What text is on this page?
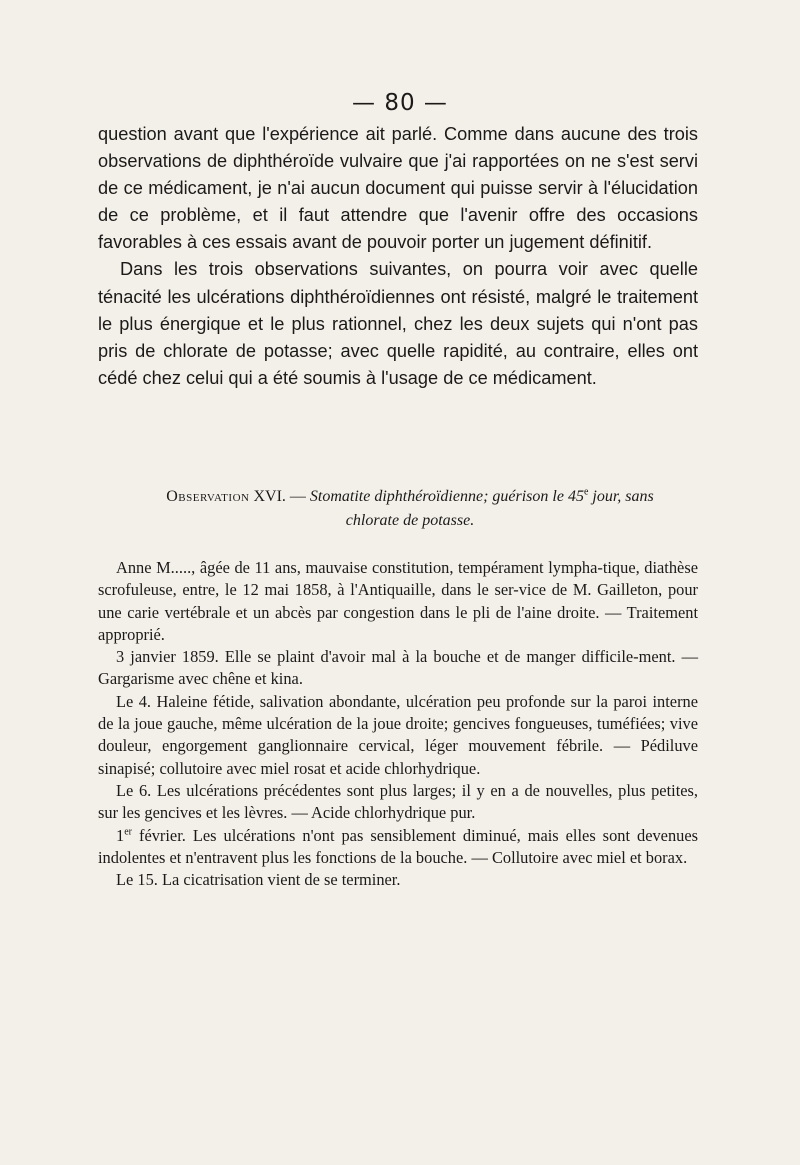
— 80 —

question avant que l'expérience ait parlé. Comme dans aucune des trois observations de diphthéroïde vulvaire que j'ai rapportées on ne s'est servi de ce médicament, je n'ai aucun document qui puisse servir à l'élucidation de ce problème, et il faut attendre que l'avenir offre des occasions favorables à ces essais avant de pouvoir porter un jugement définitif.

Dans les trois observations suivantes, on pourra voir avec quelle ténacité les ulcérations diphthéroïdiennes ont résisté, malgré le traitement le plus énergique et le plus rationnel, chez les deux sujets qui n'ont pas pris de chlorate de potasse; avec quelle rapidité, au contraire, elles ont cédé chez celui qui a été soumis à l'usage de ce médicament.

Observation XVI. — Stomatite diphthéroïdienne; guérison le 45e jour, sans
chlorate de potasse.

Anne M....., âgée de 11 ans, mauvaise constitution, tempérament lympha-tique, diathèse scrofuleuse, entre, le 12 mai 1858, à l'Antiquaille, dans le ser-vice de M. Gailleton, pour une carie vertébrale et un abcès par congestion dans le pli de l'aine droite. — Traitement approprié.

3 janvier 1859. Elle se plaint d'avoir mal à la bouche et de manger difficile-ment. — Gargarisme avec chêne et kina.

Le 4. Haleine fétide, salivation abondante, ulcération peu profonde sur la paroi interne de la joue gauche, même ulcération de la joue droite; gencives fongueuses, tuméfiées; vive douleur, engorgement ganglionnaire cervical, léger mouvement fébrile. — Pédiluve sinapisé; collutoire avec miel rosat et acide chlorhydrique.

Le 6. Les ulcérations précédentes sont plus larges; il y en a de nouvelles, plus petites, sur les gencives et les lèvres. — Acide chlorhydrique pur.

1er février. Les ulcérations n'ont pas sensiblement diminué, mais elles sont devenues indolentes et n'entravent plus les fonctions de la bouche. — Collutoire avec miel et borax.

Le 15. La cicatrisation vient de se terminer.
